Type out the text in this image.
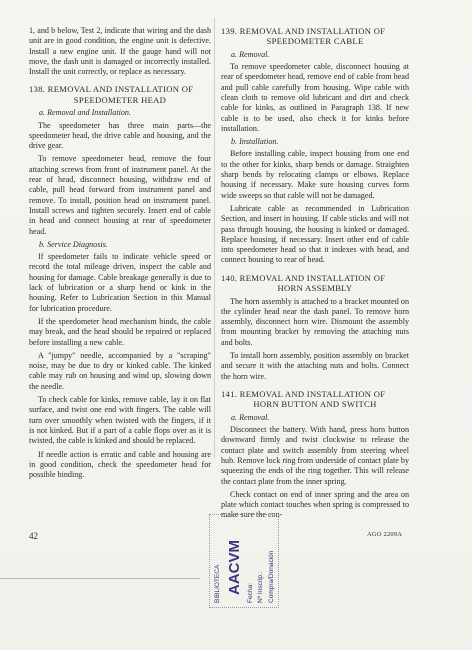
1, and b below, Test 2, indicate that wiring and the dash unit are in good condition, the engine unit is defective. Install a new engine unit. If the gauge hand will not move, the dash unit is damaged or incorrectly installed. Install the unit correctly, or replace as necessary.

138. REMOVAL AND INSTALLATION OF
SPEEDOMETER HEAD
a. Removal and Installation.

The speedometer has three main parts—the speedometer head, the drive cable and housing, and the drive gear.

To remove speedometer head, remove the four attaching screws from front of instrument panel. At the rear of head, disconnect housing, withdraw end of cable, pull head forward from instrument panel and remove. To install, position head on instrument panel. Install screws and tighten securely. Insert end of cable in head and connect housing at rear of speedometer head.

b. Service Diagnosis.

If speedometer fails to indicate vehicle speed or record the total mileage driven, inspect the cable and housing for damage. Cable breakage generally is due to lack of lubrication or a sharp bend or kink in the housing. Refer to Lubrication Section in this Manual for lubrication procedure.

If the speedometer head mechanism binds, the cable may break, and the head should be repaired or replaced before installing a new cable.

A "jumpy" needle, accompanied by a "scraping" noise, may be due to dry or kinked cable. The kinked cable may rub on housing and wind up, slowing down the needle.

To check cable for kinks, remove cable, lay it on flat surface, and twist one end with fingers. The cable will turn over smoothly when twisted with the fingers, if it is not kinked. But if a part of a cable flops over as it is twisted, the cable is kinked and should be replaced.

If needle action is erratic and cable and housing are in good condition, check the speedometer head for possible binding.

139. REMOVAL AND INSTALLATION OF
SPEEDOMETER CABLE
a. Removal.

To remove speedometer cable, disconnect housing at rear of speedometer head, remove end of cable from head and pull cable carefully from housing. Wipe cable with clean cloth to remove old lubricant and dirt and check cable for kinks, as outlined in Paragraph 138. If new cable is to be used, also check it for kinks before installation.

b. Installation.

Before installing cable, inspect housing from one end to the other for kinks, sharp bends or damage. Straighten sharp bends by relocating clamps or elbows. Replace housing if necessary. Make sure housing curves form wide sweeps so that cable will not be damaged.

Lubricate cable as recommended in Lubrication Section, and insert in housing. If cable sticks and will not pass through housing, the housing is kinked or damaged. Replace housing, if necessary. Insert other end of cable into speedometer head so that it indexes with head, and connect housing to rear of head.

140. REMOVAL AND INSTALLATION OF
HORN ASSEMBLY

The horn assembly is attached to a bracket mounted on the cylinder head near the dash panel. To remove horn assembly, disconnect horn wire. Dismount the assembly from mounting bracket by removing the attaching nuts and bolts.

To install horn assembly, position assembly on bracket and secure it with the attaching nuts and bolts. Connect the horn wire.

141. REMOVAL AND INSTALLATION OF
HORN BUTTON AND SWITCH
a. Removal.

Disconnect the battery. With hand, press horn button downward firmly and twist clockwise to release the contact plate and switch assembly from steering wheel hub. Remove lock ring from underside of contact plate by squeezing the ends of the ring together. This will release the contact plate from the inner spring.

Check contact on end of inner spring and the area on plate which contact touches when spring is compressed to make sure the con-

42	AGO 2209A
BIBLIOTECA AACVM Fecha: Nº Inscrip.: Compra/Donación
